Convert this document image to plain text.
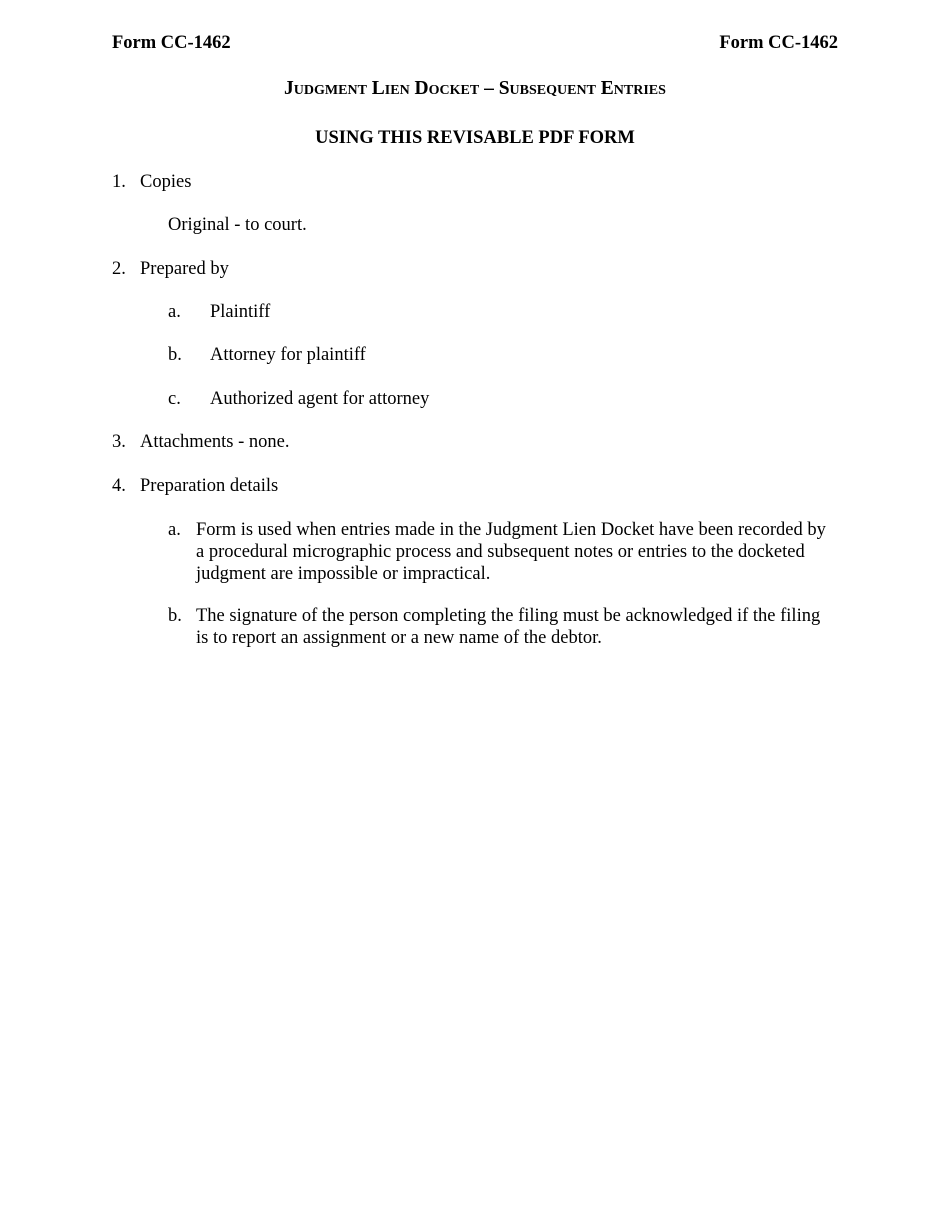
Form CC-1462	Form CC-1462
Judgment Lien Docket – Subsequent Entries
USING THIS REVISABLE PDF FORM
1. Copies
Original - to court.
2. Prepared by
a. Plaintiff
b. Attorney for plaintiff
c. Authorized agent for attorney
3. Attachments - none.
4. Preparation details
a. Form is used when entries made in the Judgment Lien Docket have been recorded by a procedural micrographic process and subsequent notes or entries to the docketed judgment are impossible or impractical.
b. The signature of the person completing the filing must be acknowledged if the filing is to report an assignment or a new name of the debtor.
